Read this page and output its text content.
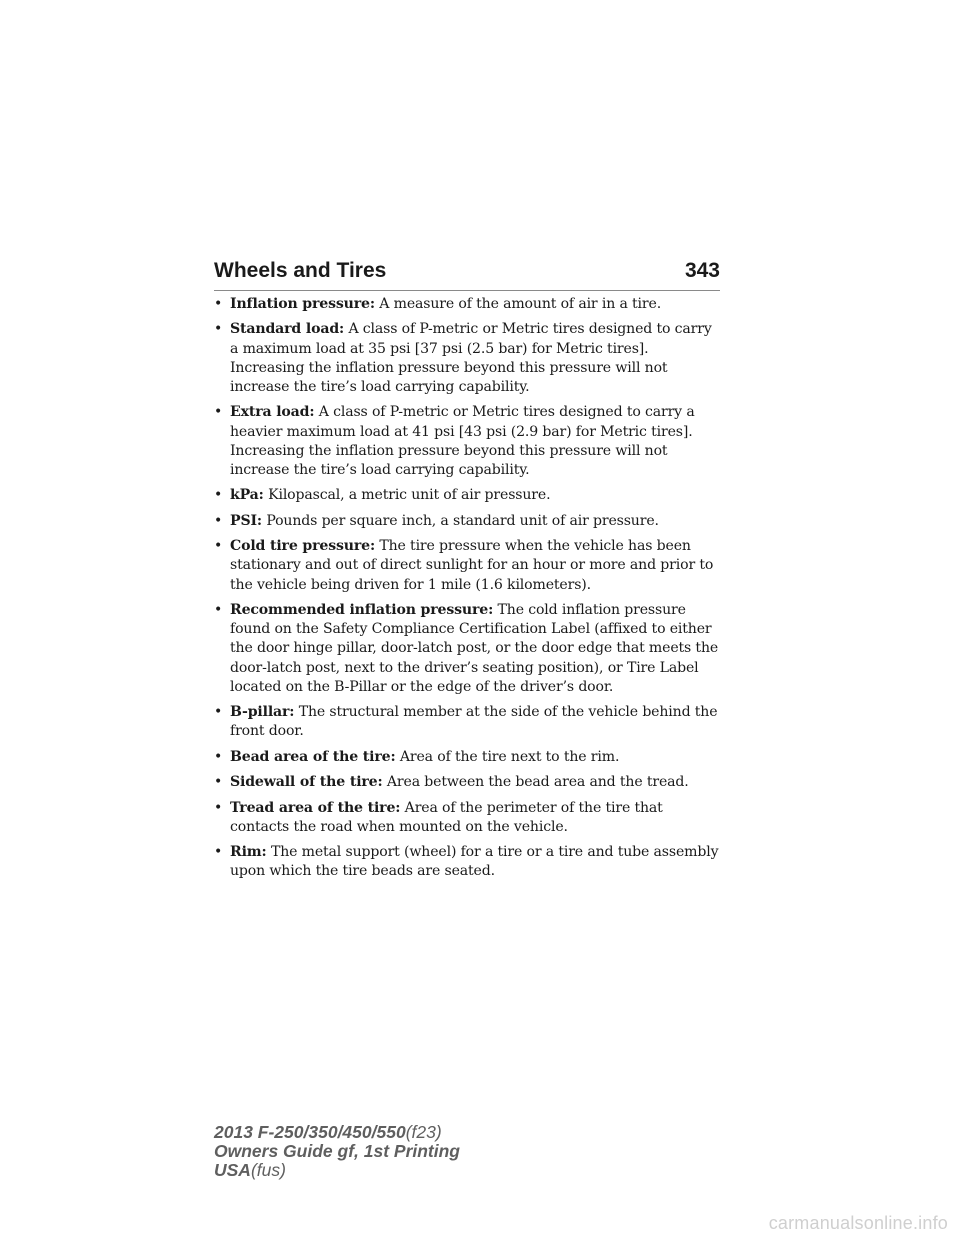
Wheels and Tires	343
• Inflation pressure: A measure of the amount of air in a tire.
• Standard load: A class of P-metric or Metric tires designed to carry a maximum load at 35 psi [37 psi (2.5 bar) for Metric tires]. Increasing the inflation pressure beyond this pressure will not increase the tire’s load carrying capability.
• Extra load: A class of P-metric or Metric tires designed to carry a heavier maximum load at 41 psi [43 psi (2.9 bar) for Metric tires]. Increasing the inflation pressure beyond this pressure will not increase the tire’s load carrying capability.
• kPa: Kilopascal, a metric unit of air pressure.
• PSI: Pounds per square inch, a standard unit of air pressure.
• Cold tire pressure: The tire pressure when the vehicle has been stationary and out of direct sunlight for an hour or more and prior to the vehicle being driven for 1 mile (1.6 kilometers).
• Recommended inflation pressure: The cold inflation pressure found on the Safety Compliance Certification Label (affixed to either the door hinge pillar, door-latch post, or the door edge that meets the door-latch post, next to the driver’s seating position), or Tire Label located on the B-Pillar or the edge of the driver’s door.
• B-pillar: The structural member at the side of the vehicle behind the front door.
• Bead area of the tire: Area of the tire next to the rim.
• Sidewall of the tire: Area between the bead area and the tread.
• Tread area of the tire: Area of the perimeter of the tire that contacts the road when mounted on the vehicle.
• Rim: The metal support (wheel) for a tire or a tire and tube assembly upon which the tire beads are seated.
2013 F-250/350/450/550(f23)
Owners Guide gf, 1st Printing
USA(fus)
carmanualsonline.info
